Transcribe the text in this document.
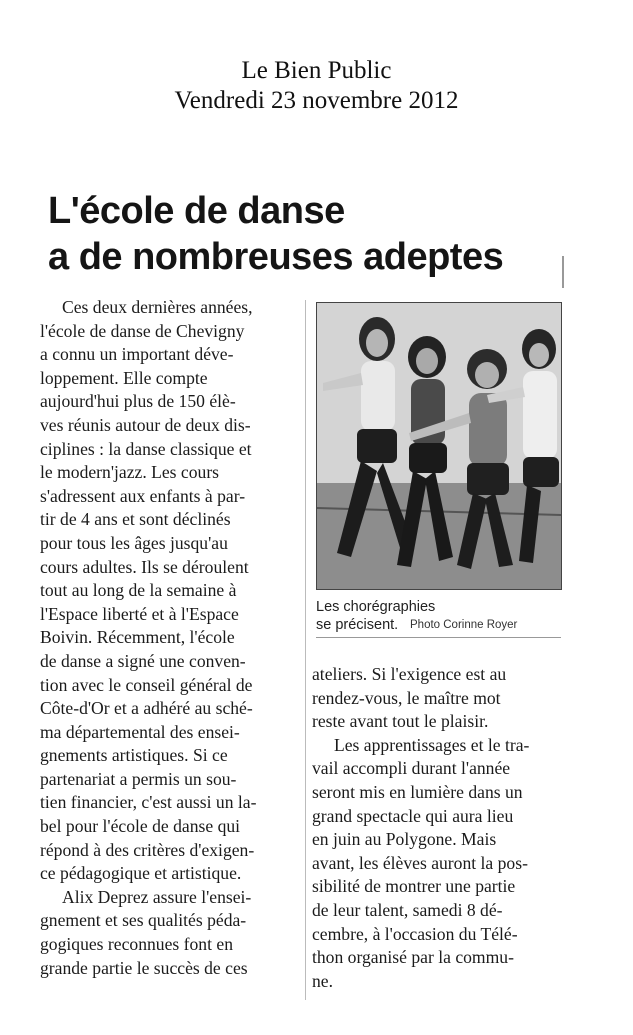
Le Bien Public
Vendredi 23 novembre 2012
L'école de danse
a de nombreuses adeptes
Ces deux dernières années,
l'école de danse de Chevigny
a connu un important déve-
loppement. Elle compte
aujourd'hui plus de 150 élè-
ves réunis autour de deux dis-
ciplines : la danse classique et
le modern'jazz. Les cours
s'adressent aux enfants à par-
tir de 4 ans et sont déclinés
pour tous les âges jusqu'au
cours adultes. Ils se déroulent
tout au long de la semaine à
l'Espace liberté et à l'Espace
Boivin. Récemment, l'école
de danse a signé une conven-
tion avec le conseil général de
Côte-d'Or et a adhéré au sché-
ma départemental des ensei-
gnements artistiques. Si ce
partenariat a permis un sou-
tien financier, c'est aussi un la-
bel pour l'école de danse qui
répond à des critères d'exigen-
ce pédagogique et artistique.
Alix Deprez assure l'ensei-
gnement et ses qualités péda-
gogiques reconnues font en
grande partie le succès de ces
Les chorégraphies
se précisent.	Photo Corinne Royer
ateliers. Si l'exigence est au
rendez-vous, le maître mot
reste avant tout le plaisir.
Les apprentissages et le tra-
vail accompli durant l'année
seront mis en lumière dans un
grand spectacle qui aura lieu
en juin au Polygone. Mais
avant, les élèves auront la pos-
sibilité de montrer une partie
de leur talent, samedi 8 dé-
cembre, à l'occasion du Télé-
thon organisé par la commu-
ne.
